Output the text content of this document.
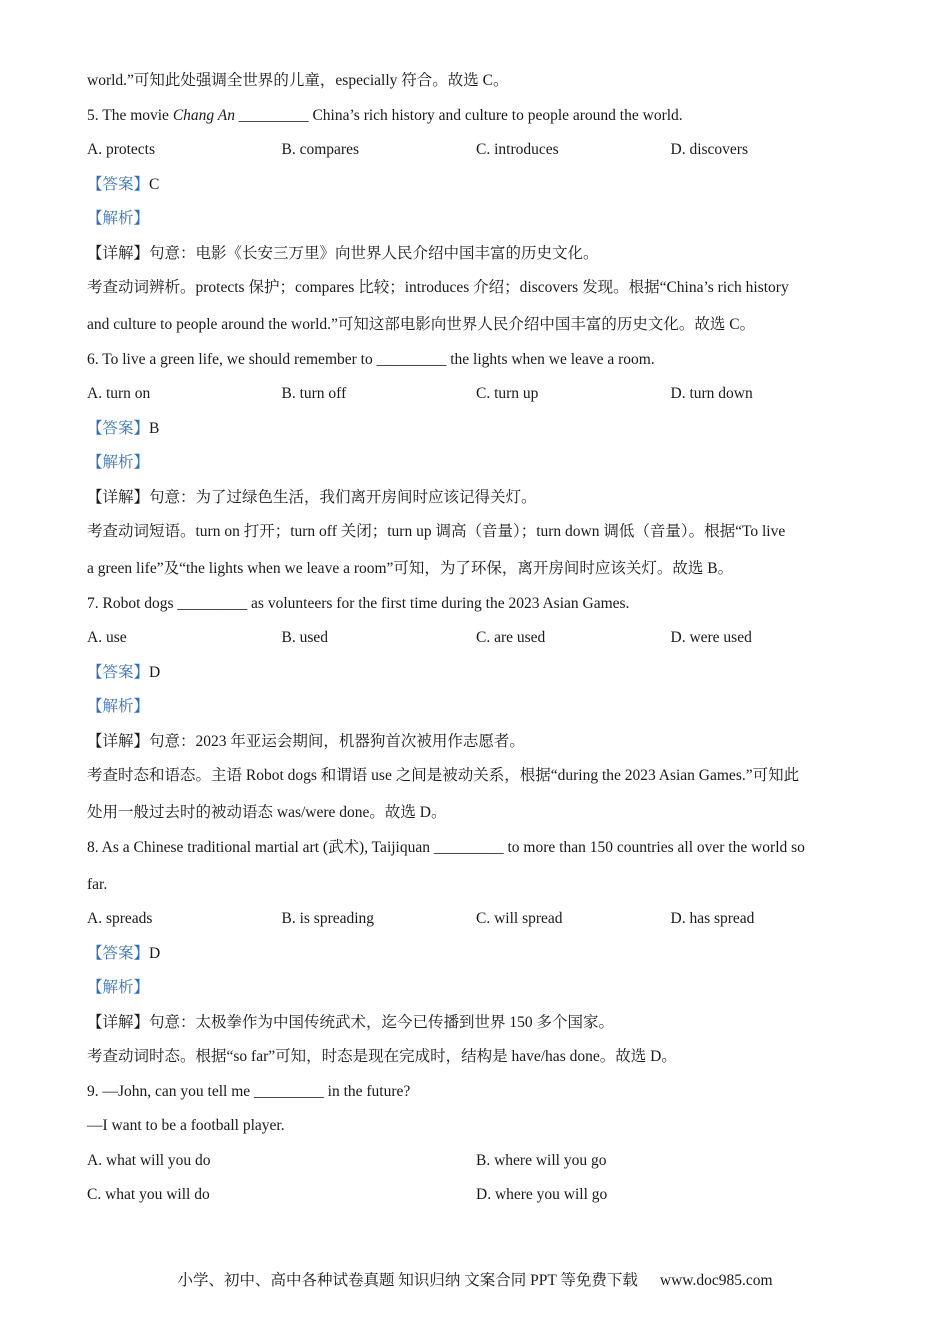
world.”可知此处强调全世界的儿童，especially 符合。故选 C。

5. The movie Chang An _________ China’s rich history and culture to people around the world.

A. protects	B. compares	C. introduces	D. discovers

【答案】C

【解析】

【详解】句意：电影《长安三万里》向世界人民介绍中国丰富的历史文化。

考查动词辨析。protects 保护；compares 比较；introduces 介绍；discovers 发现。根据“China’s rich history

and culture to people around the world.”可知这部电影向世界人民介绍中国丰富的历史文化。故选 C。

6. To live a green life, we should remember to _________ the lights when we leave a room.

A. turn on	B. turn off	C. turn up	D. turn down

【答案】B

【解析】

【详解】句意：为了过绿色生活，我们离开房间时应该记得关灯。

考查动词短语。turn on 打开；turn off 关闭；turn up 调高（音量）；turn down 调低（音量）。根据“To live

a green life”及“the lights when we leave a room”可知，为了环保，离开房间时应该关灯。故选 B。

7. Robot dogs _________ as volunteers for the first time during the 2023 Asian Games.

A. use	B. used	C. are used	D. were used

【答案】D

【解析】

【详解】句意：2023 年亚运会期间，机器狗首次被用作志愿者。

考查时态和语态。主语 Robot dogs 和谓语 use 之间是被动关系，根据“during the 2023 Asian Games.”可知此

处用一般过去时的被动语态 was/were done。故选 D。

8. As a Chinese traditional martial art (武术), Taijiquan _________ to more than 150 countries all over the world so

far.

A. spreads	B. is spreading	C. will spread	D. has spread

【答案】D

【解析】

【详解】句意：太极拳作为中国传统武术，迄今已传播到世界 150 多个国家。

考查动词时态。根据“so far”可知，时态是现在完成时，结构是 have/has done。故选 D。

9. —John, can you tell me _________ in the future?

—I want to be a football player.

A. what will you do	B. where will you go
C. what you will do	D. where you will go
小学、初中、高中各种试卷真题 知识归纳 文案合同 PPT 等免费下载 www.doc985.com
